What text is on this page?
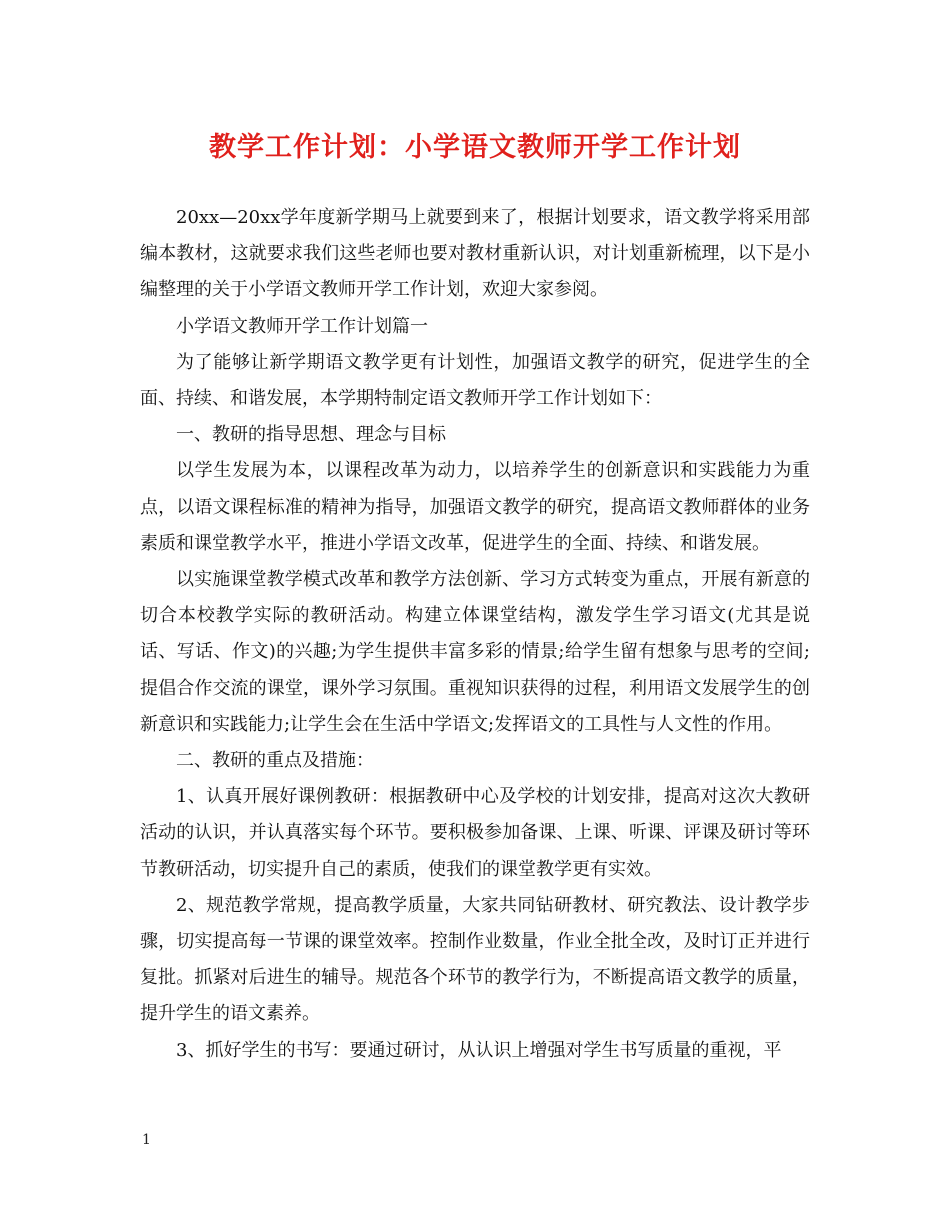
教学工作计划：小学语文教师开学工作计划

20xx—20xx学年度新学期马上就要到来了，根据计划要求，语文教学将采用部编本教材，这就要求我们这些老师也要对教材重新认识，对计划重新梳理，以下是小编整理的关于小学语文教师开学工作计划，欢迎大家参阅。

小学语文教师开学工作计划篇一

为了能够让新学期语文教学更有计划性，加强语文教学的研究，促进学生的全面、持续、和谐发展，本学期特制定语文教师开学工作计划如下：

一、教研的指导思想、理念与目标

以学生发展为本，以课程改革为动力，以培养学生的创新意识和实践能力为重点，以语文课程标准的精神为指导，加强语文教学的研究，提高语文教师群体的业务素质和课堂教学水平，推进小学语文改革，促进学生的全面、持续、和谐发展。

以实施课堂教学模式改革和教学方法创新、学习方式转变为重点，开展有新意的切合本校教学实际的教研活动。构建立体课堂结构，激发学生学习语文(尤其是说话、写话、作文)的兴趣;为学生提供丰富多彩的情景;给学生留有想象与思考的空间;提倡合作交流的课堂，课外学习氛围。重视知识获得的过程，利用语文发展学生的创新意识和实践能力;让学生会在生活中学语文;发挥语文的工具性与人文性的作用。

二、教研的重点及措施：

1、认真开展好课例教研：根据教研中心及学校的计划安排，提高对这次大教研活动的认识，并认真落实每个环节。要积极参加备课、上课、听课、评课及研讨等环节教研活动，切实提升自己的素质，使我们的课堂教学更有实效。

2、规范教学常规，提高教学质量，大家共同钻研教材、研究教法、设计教学步骤，切实提高每一节课的课堂效率。控制作业数量，作业全批全改，及时订正并进行复批。抓紧对后进生的辅导。规范各个环节的教学行为，不断提高语文教学的质量，提升学生的语文素养。

3、抓好学生的书写：要通过研讨，从认识上增强对学生书写质量的重视，平

1
